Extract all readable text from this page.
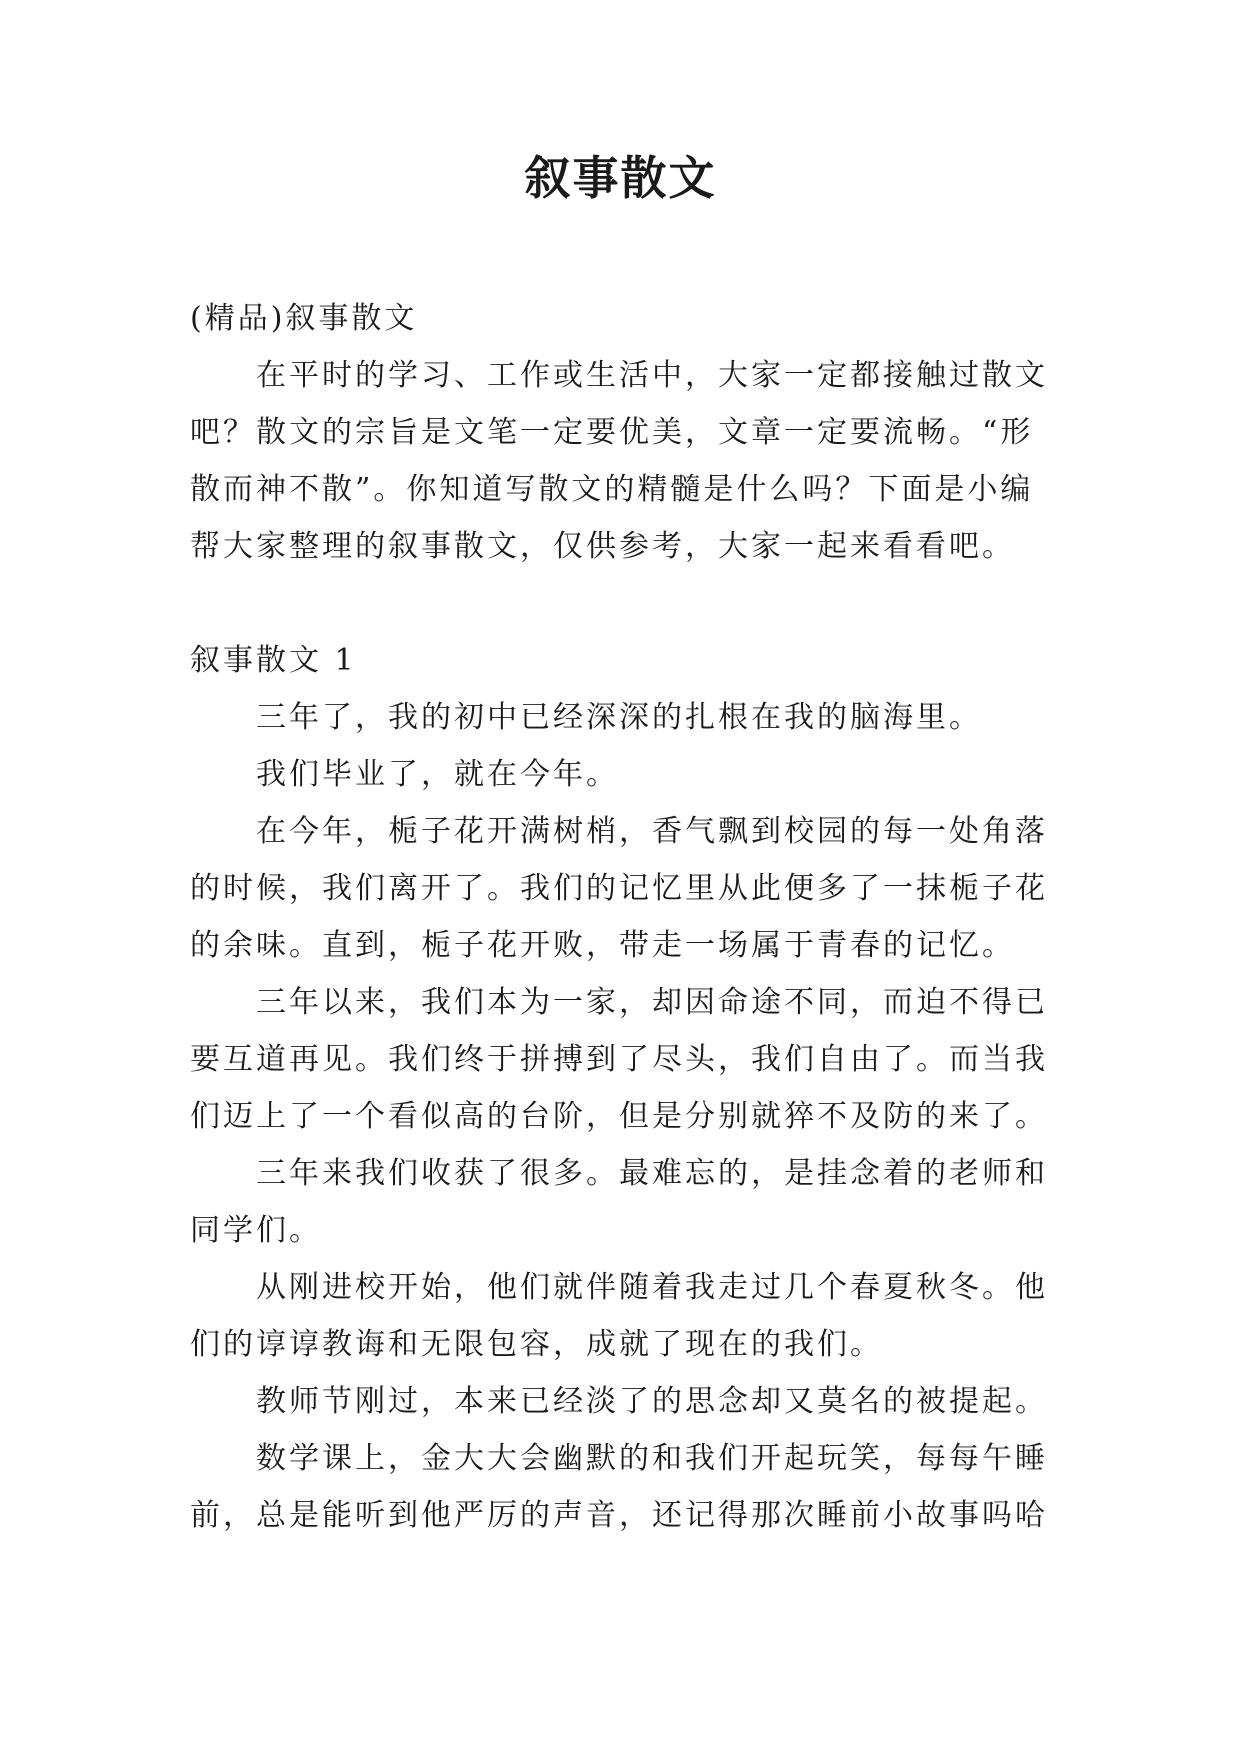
叙事散文

(精品)叙事散文

在平时的学习、工作或生活中，大家一定都接触过散文吧？散文的宗旨是文笔一定要优美，文章一定要流畅。“形散而神不散”。你知道写散文的精髓是什么吗？下面是小编帮大家整理的叙事散文，仅供参考，大家一起来看看吧。

叙事散文 1

三年了，我的初中已经深深的扎根在我的脑海里。

我们毕业了，就在今年。

在今年，栀子花开满树梢，香气飘到校园的每一处角落的时候，我们离开了。我们的记忆里从此便多了一抹栀子花的余味。直到，栀子花开败，带走一场属于青春的记忆。

三年以来，我们本为一家，却因命途不同，而迫不得已要互道再见。我们终于拼搏到了尽头，我们自由了。而当我们迈上了一个看似高的台阶，但是分别就猝不及防的来了。

三年来我们收获了很多。最难忘的，是挂念着的老师和同学们。

从刚进校开始，他们就伴随着我走过几个春夏秋冬。他们的谆谆教诲和无限包容，成就了现在的我们。

教师节刚过，本来已经淡了的思念却又莫名的被提起。

数学课上，金大大会幽默的和我们开起玩笑，每每午睡前，总是能听到他严厉的声音，还记得那次睡前小故事吗哈
